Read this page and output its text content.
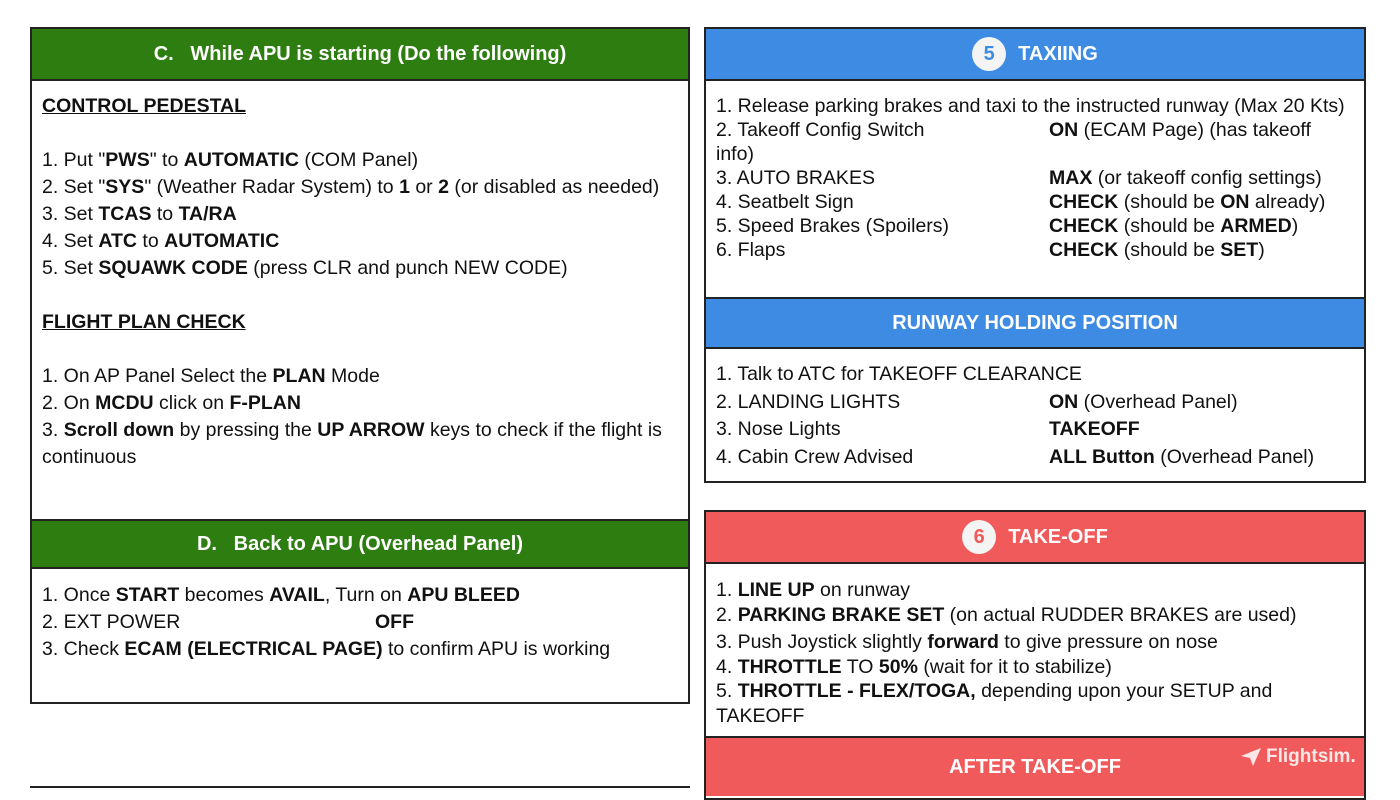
C.   While APU is starting (Do the following)
CONTROL PEDESTAL
1. Put "PWS" to AUTOMATIC (COM Panel)
2. Set "SYS" (Weather Radar System) to 1 or 2 (or disabled as needed)
3. Set TCAS to TA/RA
4. Set ATC to AUTOMATIC
5. Set SQUAWK CODE (press CLR and punch NEW CODE)
FLIGHT PLAN CHECK
1. On AP Panel Select the PLAN Mode
2. On MCDU click on F-PLAN
3. Scroll down by pressing the UP ARROW keys to check if the flight is continuous
D.   Back to APU (Overhead Panel)
1. Once START becomes AVAIL, Turn on APU BLEED
2. EXT POWER	OFF
3. Check ECAM (ELECTRICAL PAGE) to confirm APU is working
5 TAXIING
1. Release parking brakes and taxi to the instructed runway (Max 20 Kts)
2. Takeoff Config Switch	ON (ECAM Page) (has takeoff
info)
3. AUTO BRAKES	MAX (or takeoff config settings)
4. Seatbelt Sign	CHECK (should be ON already)
5. Speed Brakes (Spoilers)	CHECK (should be ARMED)
6. Flaps	CHECK (should be SET)
RUNWAY HOLDING POSITION
1. Talk to ATC for TAKEOFF CLEARANCE
2. LANDING LIGHTS	ON (Overhead Panel)
3. Nose Lights	TAKEOFF
4. Cabin Crew Advised	ALL Button (Overhead Panel)
6 TAKE-OFF
1. LINE UP on runway
2. PARKING BRAKE SET (on actual RUDDER BRAKES are used)
3. Push Joystick slightly forward to give pressure on nose
4. THROTTLE TO 50% (wait for it to stabilize)
5. THROTTLE - FLEX/TOGA, depending upon your SETUP and TAKEOFF
AFTER TAKE-OFF	Flightsim.
